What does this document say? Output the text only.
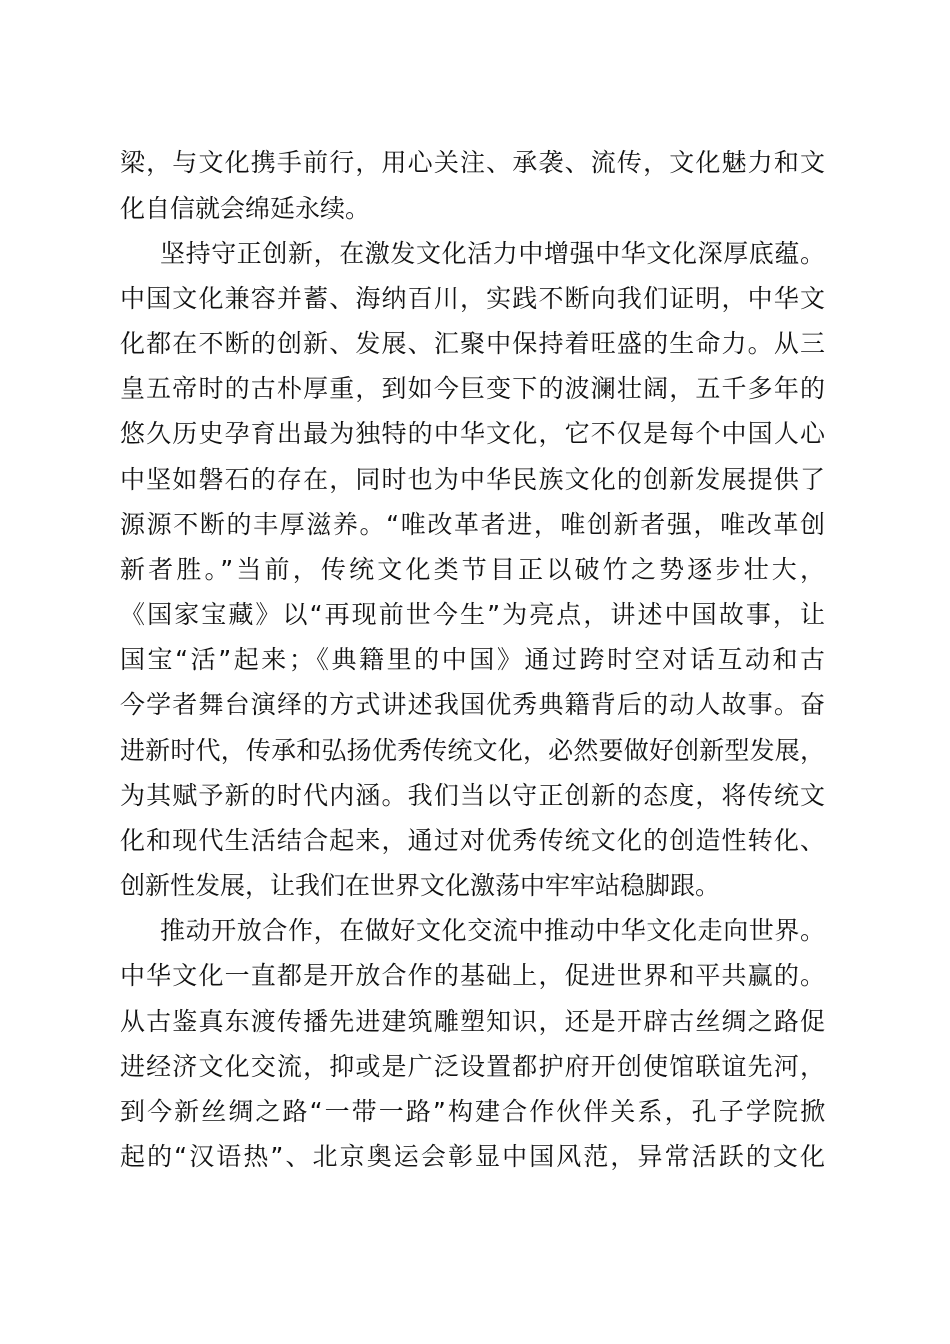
梁，与文化携手前行，用心关注、承袭、流传，文化魅力和文
化自信就会绵延永续。
坚持守正创新，在激发文化活力中增强中华文化深厚底蕴。
中国文化兼容并蓄、海纳百川，实践不断向我们证明，中华文
化都在不断的创新、发展、汇聚中保持着旺盛的生命力。从三
皇五帝时的古朴厚重，到如今巨变下的波澜壮阔，五千多年的
悠久历史孕育出最为独特的中华文化，它不仅是每个中国人心
中坚如磐石的存在，同时也为中华民族文化的创新发展提供了
源源不断的丰厚滋养。“唯改革者进，唯创新者强，唯改革创
新者胜。”当前，传统文化类节目正以破竹之势逐步壮大，
《国家宝藏》以“再现前世今生”为亮点，讲述中国故事，让
国宝“活”起来；《典籍里的中国》通过跨时空对话互动和古
今学者舞台演绎的方式讲述我国优秀典籍背后的动人故事。奋
进新时代，传承和弘扬优秀传统文化，必然要做好创新型发展，
为其赋予新的时代内涵。我们当以守正创新的态度，将传统文
化和现代生活结合起来，通过对优秀传统文化的创造性转化、
创新性发展，让我们在世界文化激荡中牢牢站稳脚跟。
推动开放合作，在做好文化交流中推动中华文化走向世界。
中华文化一直都是开放合作的基础上，促进世界和平共赢的。
从古鉴真东渡传播先进建筑雕塑知识，还是开辟古丝绸之路促
进经济文化交流，抑或是广泛设置都护府开创使馆联谊先河，
到今新丝绸之路“一带一路”构建合作伙伴关系，孔子学院掀
起的“汉语热”、北京奥运会彰显中国风范，异常活跃的文化
